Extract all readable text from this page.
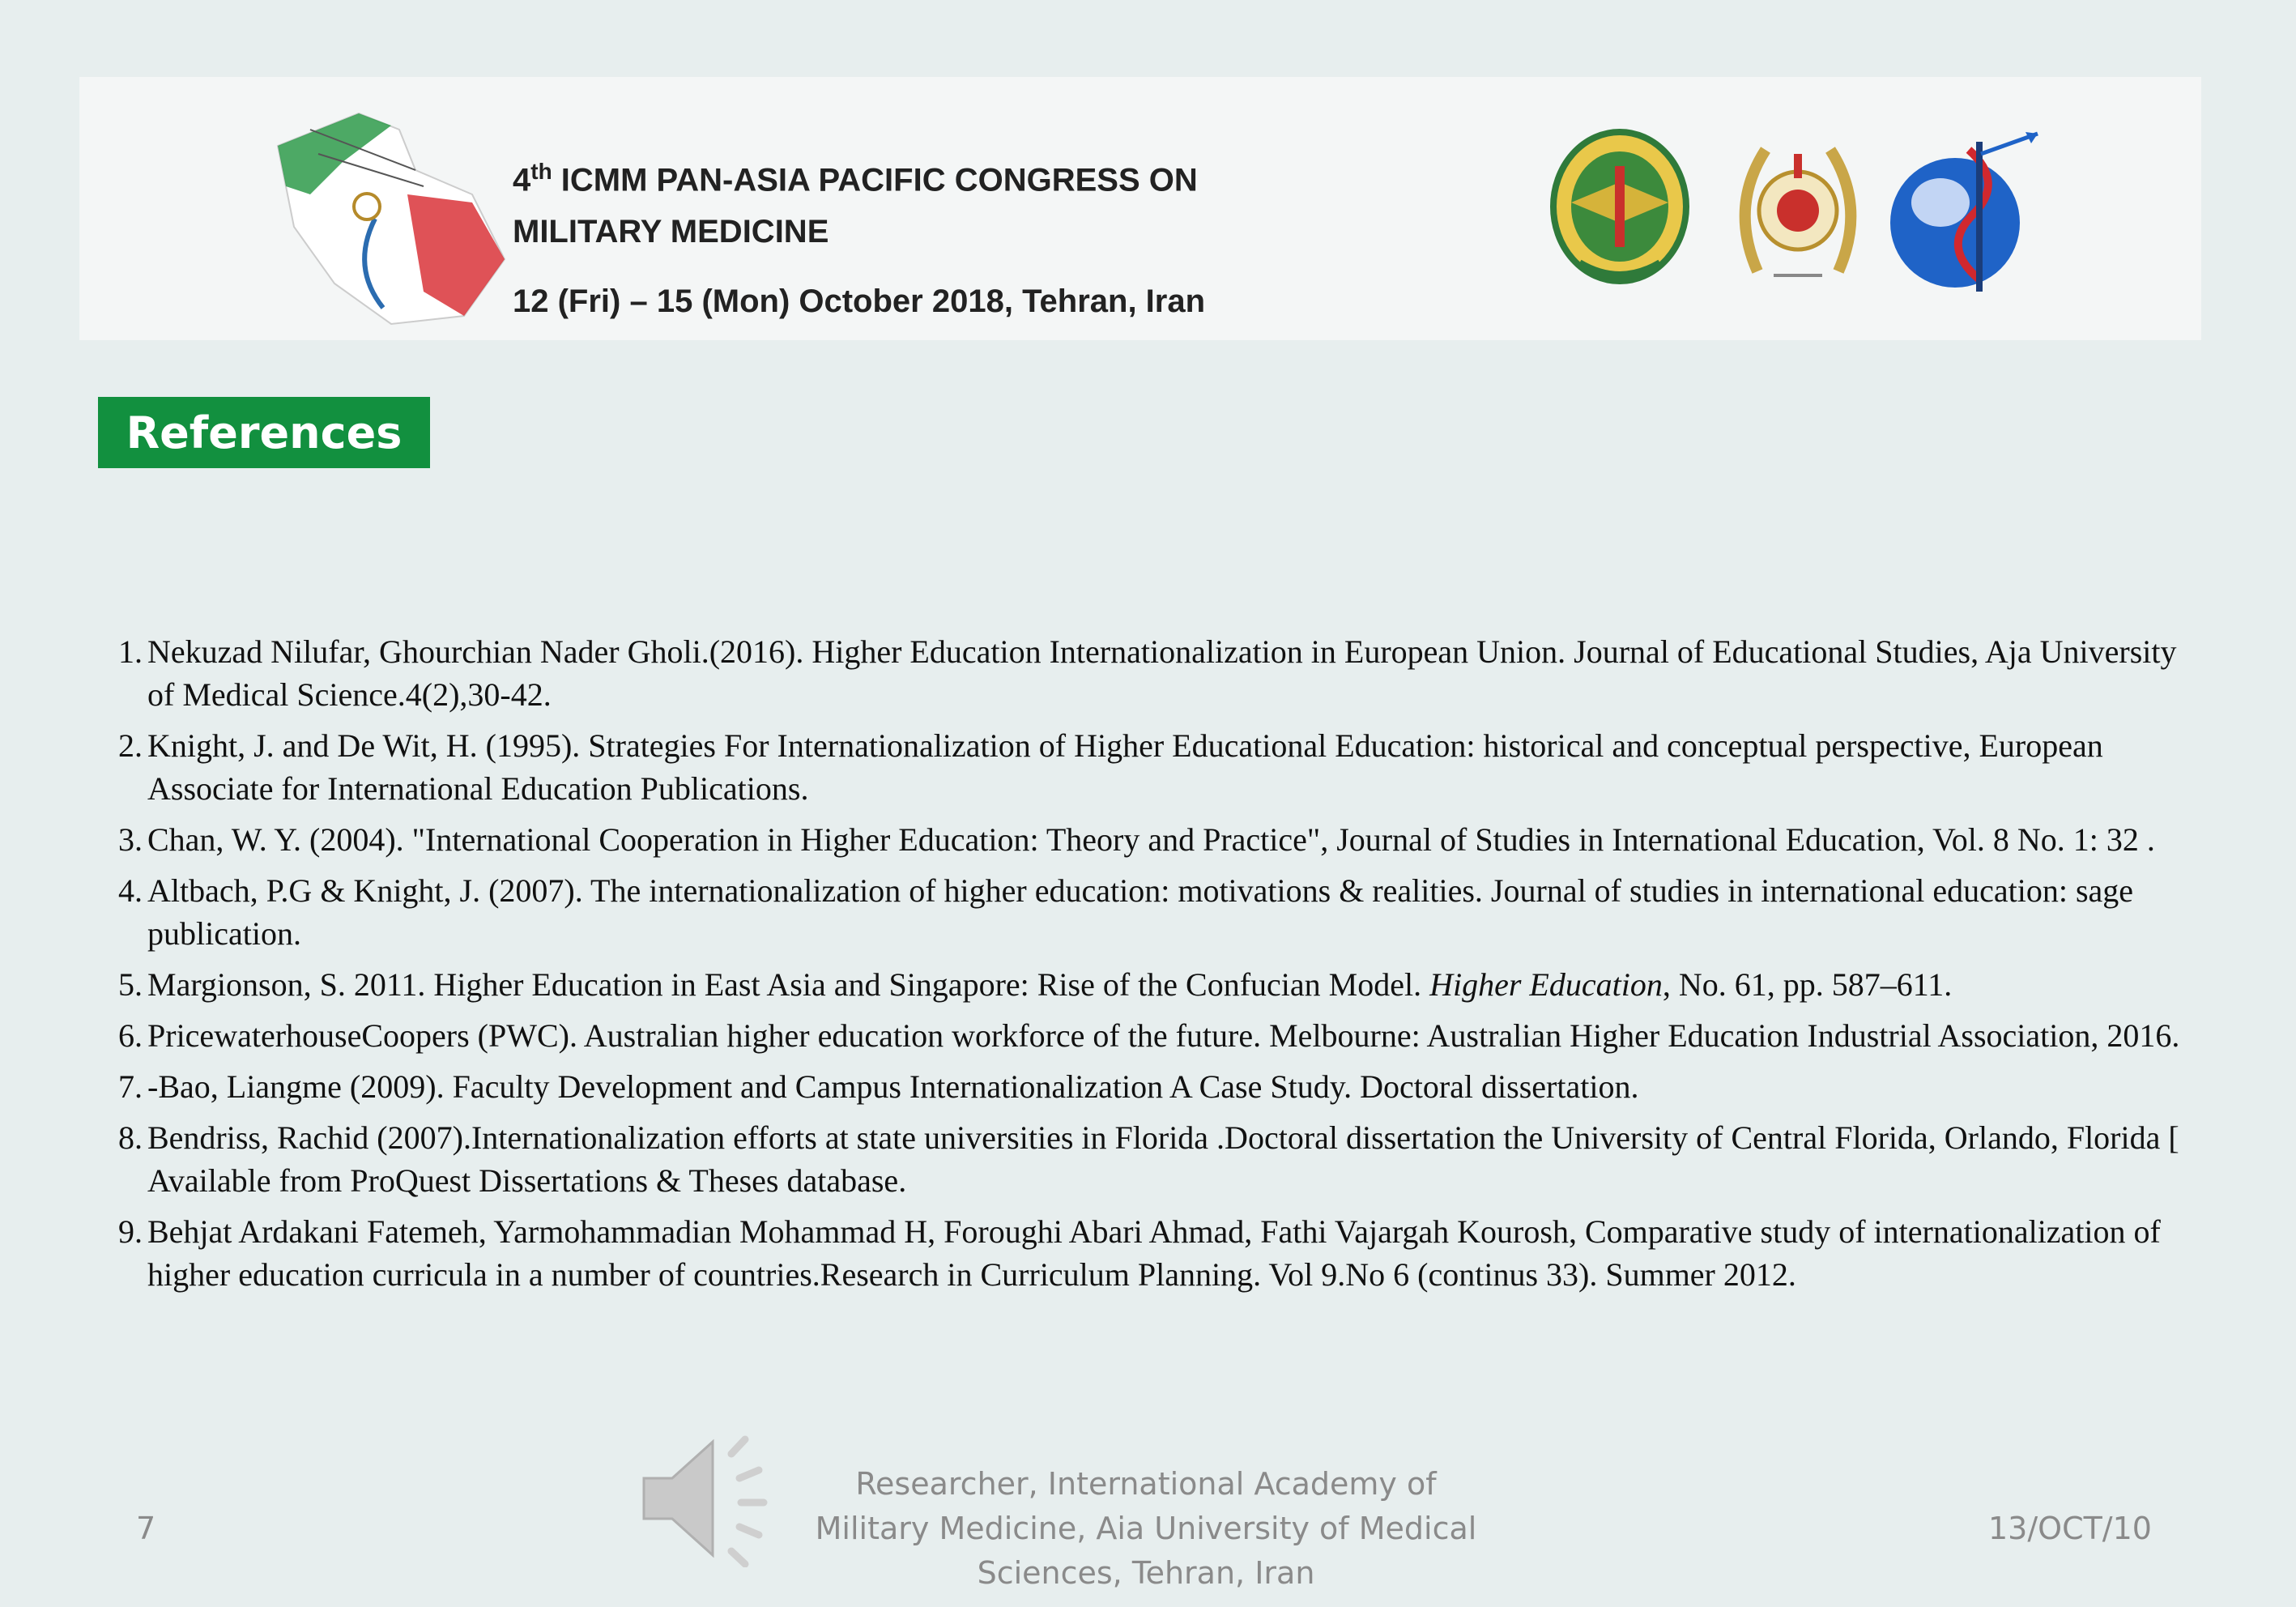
4th ICMM PAN-ASIA PACIFIC CONGRESS ON
MILITARY MEDICINE
12 (Fri) – 15 (Mon) October 2018, Tehran, Iran
References
1. Nekuzad Nilufar, Ghourchian Nader Gholi.(2016). Higher Education Internationalization in European Union. Journal of Educational Studies, Aja University of Medical Science.4(2),30-42.
2. Knight, J. and De Wit, H. (1995). Strategies For Internationalization of Higher Educational Education: historical and conceptual perspective, European Associate for International Education Publications.
3. Chan, W. Y. (2004). "International Cooperation in Higher Education: Theory and Practice", Journal of Studies in International Education, Vol. 8 No. 1: 32 .
4. Altbach, P.G & Knight, J. (2007). The internationalization of higher education: motivations & realities. Journal of studies in international education: sage publication.
5. Margionson, S. 2011. Higher Education in East Asia and Singapore: Rise of the Confucian Model. Higher Education, No. 61, pp. 587–611.
6. PricewaterhouseCoopers (PWC). Australian higher education workforce of the future. Melbourne: Australian Higher Education Industrial Association, 2016.
7. -Bao, Liangme (2009). Faculty Development and Campus Internationalization A Case Study. Doctoral dissertation.
8. Bendriss, Rachid (2007).Internationalization efforts at state universities in Florida .Doctoral dissertation the University of Central Florida, Orlando, Florida [ Available from ProQuest Dissertations & Theses database.
9. Behjat Ardakani Fatemeh, Yarmohammadian Mohammad H, Foroughi Abari Ahmad, Fathi Vajargah Kourosh, Comparative study of internationalization of higher education curricula in a number of countries.Research in Curriculum Planning. Vol 9.No 6 (continus 33). Summer 2012.
7
Researcher, International Academy of
Military Medicine, Aia University of Medical
Sciences, Tehran, Iran
13/OCT/10
